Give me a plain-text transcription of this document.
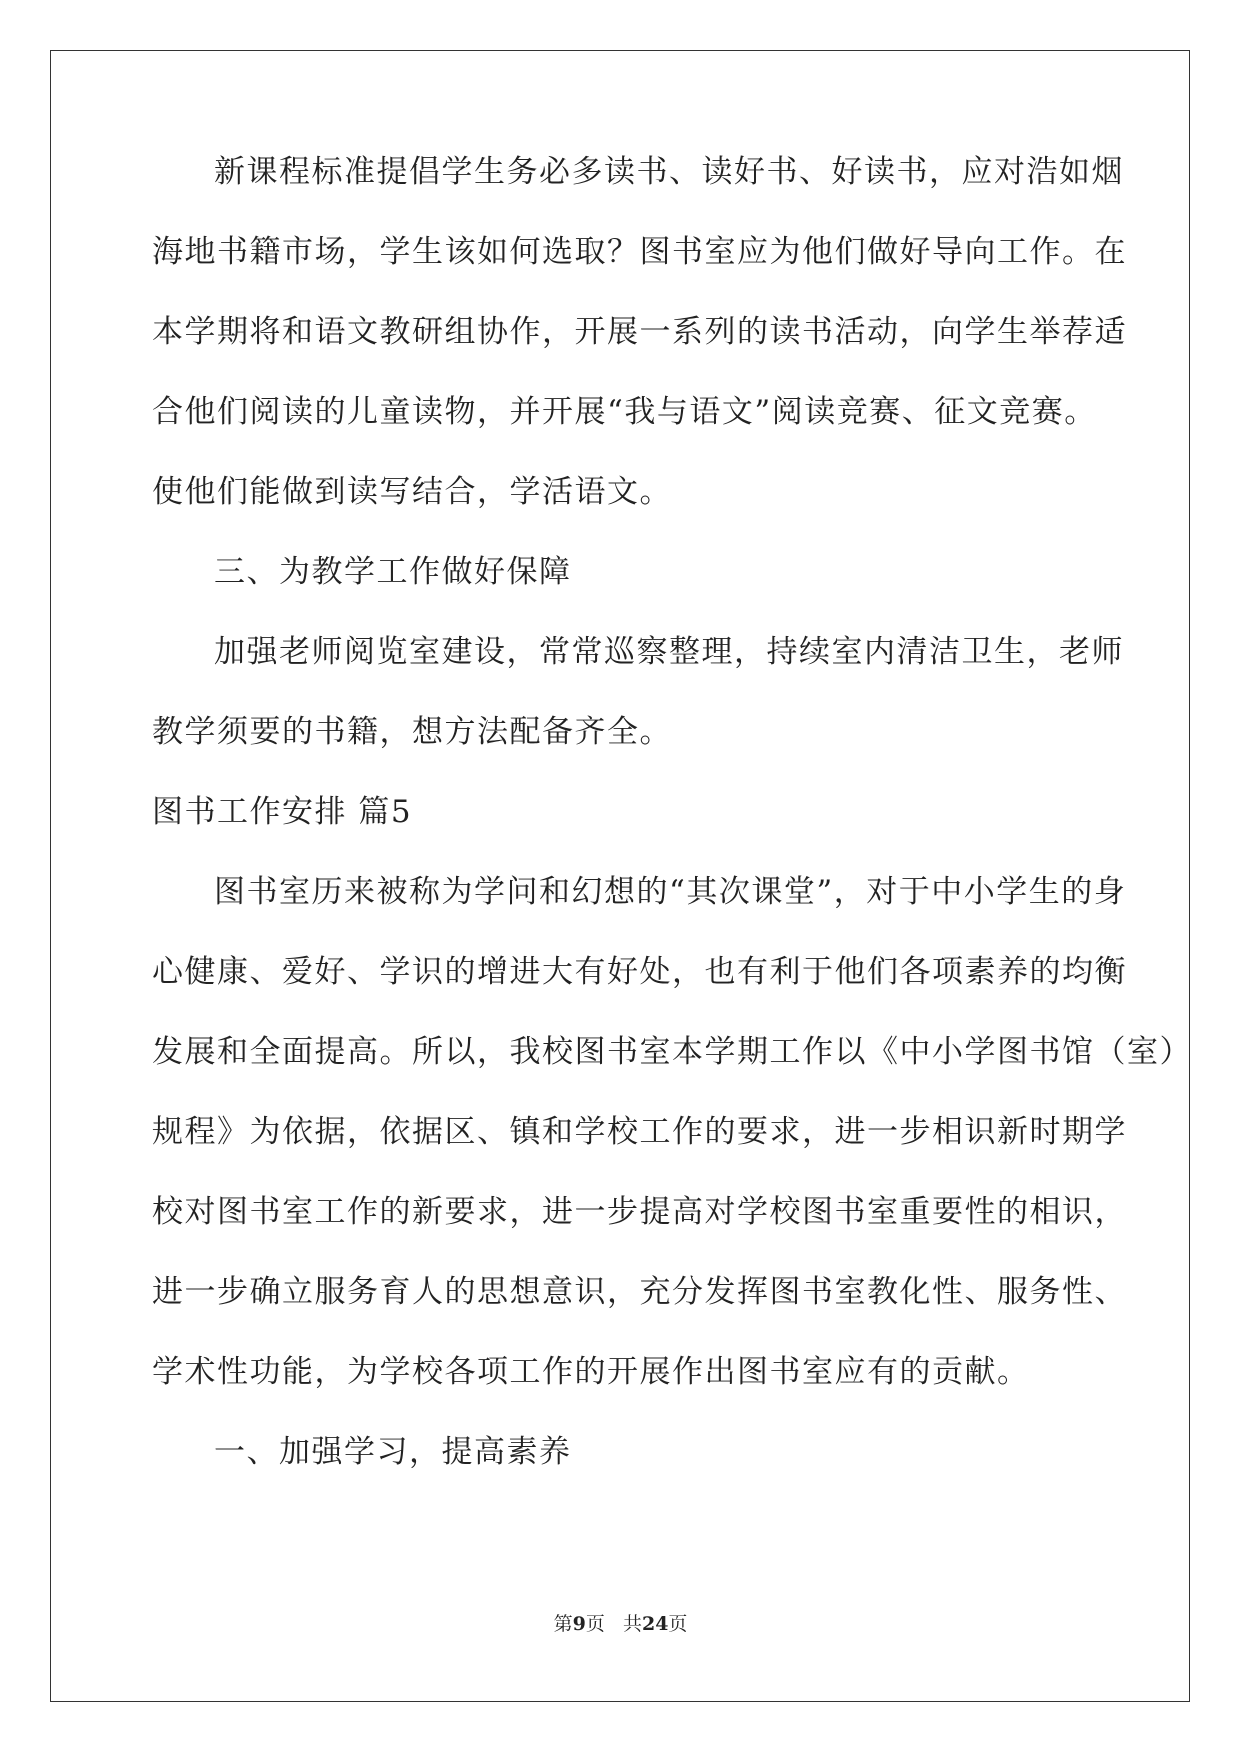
新课程标准提倡学生务必多读书、读好书、好读书，应对浩如烟

海地书籍市场，学生该如何选取？图书室应为他们做好导向工作。在

本学期将和语文教研组协作，开展一系列的读书活动，向学生举荐适

合他们阅读的儿童读物，并开展“我与语文”阅读竞赛、征文竞赛。

使他们能做到读写结合，学活语文。

三、为教学工作做好保障

加强老师阅览室建设，常常巡察整理，持续室内清洁卫生，老师

教学须要的书籍，想方法配备齐全。

图书工作安排 篇5

图书室历来被称为学问和幻想的“其次课堂”，对于中小学生的身

心健康、爱好、学识的增进大有好处，也有利于他们各项素养的均衡

发展和全面提高。所以，我校图书室本学期工作以《中小学图书馆（室）

规程》为依据，依据区、镇和学校工作的要求，进一步相识新时期学

校对图书室工作的新要求，进一步提高对学校图书室重要性的相识，

进一步确立服务育人的思想意识，充分发挥图书室教化性、服务性、

学术性功能，为学校各项工作的开展作出图书室应有的贡献。

一、加强学习，提高素养

第9页 共24页
